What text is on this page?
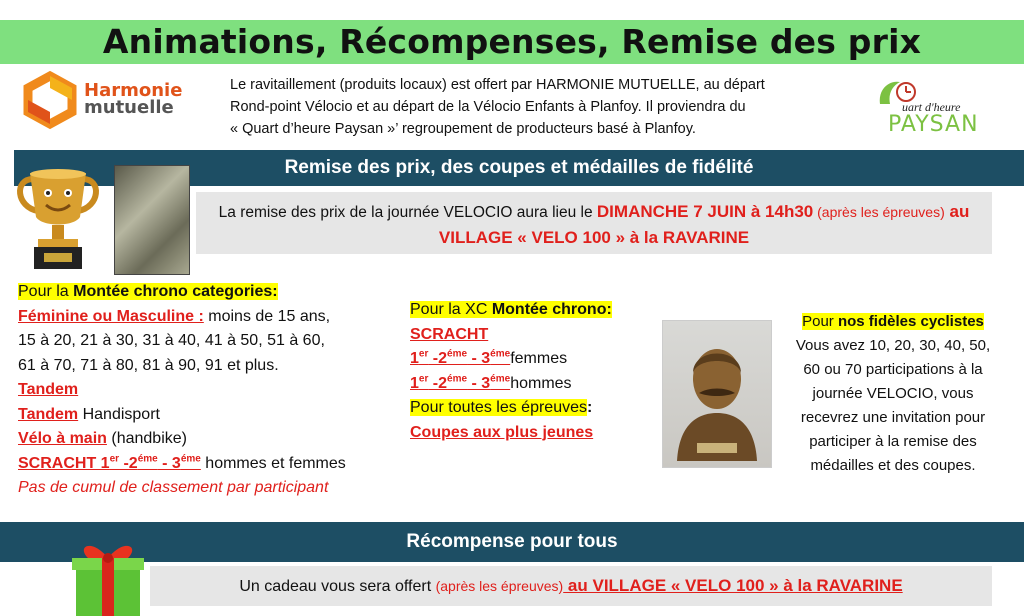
Animations, Récompenses, Remise des prix
Harmonie
mutuelle
Le ravitaillement (produits locaux) est offert par HARMONIE MUTUELLE, au départ
Rond-point Vélocio et au départ de la Vélocio Enfants à Planfoy. Il proviendra du
« Quart d’heure Paysan »’ regroupement de producteurs basé à Planfoy.
uart d'heure
PAYSAN
Remise des prix, des coupes et médailles de fidélité
La remise des prix de la journée VELOCIO aura lieu le DIMANCHE 7 JUIN à 14h30 (après les épreuves) au VILLAGE « VELO 100 » à la RAVARINE
Pour la Montée chrono categories:
Féminine ou Masculine : moins de 15 ans,
15 à 20, 21 à 30, 31 à 40, 41 à 50, 51 à 60,
61 à 70, 71 à 80, 81 à 90, 91 et plus.
Tandem
Tandem Handisport
Vélo à main (handbike)
SCRACHT 1er $-2^{éme} - 3^{éme}$ hommes et femmes
Pas de cumul de classement par participant
Pour la XC Montée chrono:
SCRACHT
1er $-2^{éme}$ - $3^{éme}femmes$
1er $-2^{éme}$ - $3^{éme}hommes$
Pour toutes les épreuves:
Coupes aux plus jeunes
Pour nos fidèles cyclistes
Vous avez 10, 20, 30, 40, 50,
60 ou 70 participations à la
journée VELOCIO, vous
recevrez une invitation pour
participer à la remise des
médailles et des coupes.
Récompense pour tous
Un cadeau vous sera offert (après les épreuves) au VILLAGE « VELO 100 » à la RAVARINE
